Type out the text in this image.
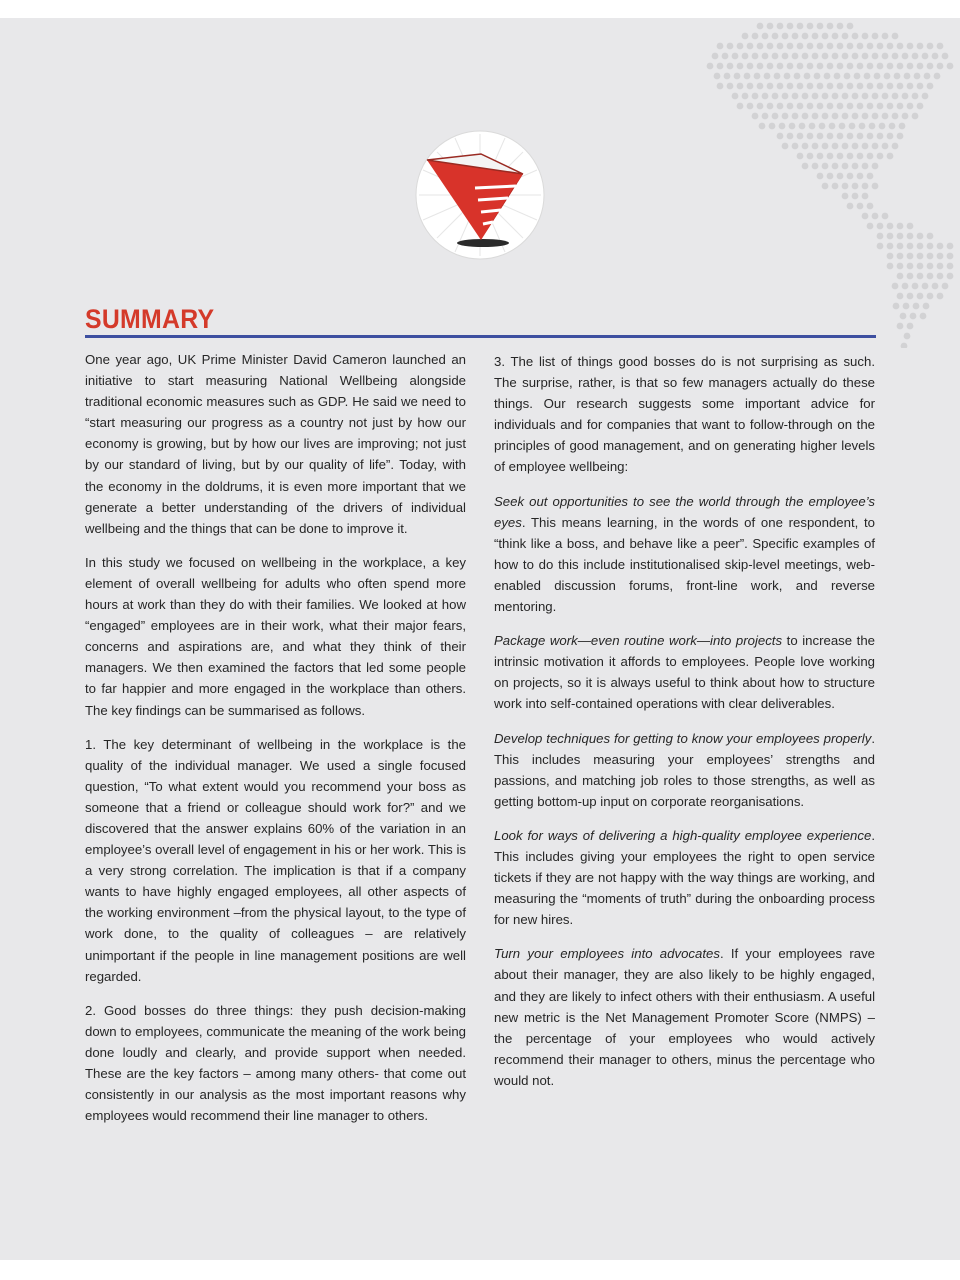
SUMMARY

One year ago, UK Prime Minister David Cameron launched an initiative to start measuring National Wellbeing alongside traditional economic measures such as GDP. He said we need to “start measuring our progress as a country not just by how our economy is growing, but by how our lives are improving; not just by our standard of living, but by our quality of life”. Today, with the economy in the doldrums, it is even more important that we generate a better understanding of the drivers of individual wellbeing and the things that can be done to improve it.

In this study we focused on wellbeing in the workplace, a key element of overall wellbeing for adults who often spend more hours at work than they do with their families. We looked at how “engaged” employees are in their work, what their major fears, concerns and aspirations are, and what they think of their managers. We then examined the factors that led some people to far happier and more engaged in the workplace than others. The key findings can be summarised as follows.

1. The key determinant of wellbeing in the workplace is the quality of the individual manager. We used a single focused question, “To what extent would you recommend your boss as someone that a friend or colleague should work for?” and we discovered that the answer explains 60% of the variation in an employee’s overall level of engagement in his or her work. This is a very strong correlation. The implication is that if a company wants to have highly engaged employees, all other aspects of the working environment –from the physical layout, to the type of work done, to the quality of colleagues – are relatively unimportant if the people in line management positions are well regarded.

2. Good bosses do three things: they push decision-making down to employees, communicate the meaning of the work being done loudly and clearly, and provide support when needed. These are the key factors – among many others- that come out consistently in our analysis as the most important reasons why employees would recommend their line manager to others.

3. The list of things good bosses do is not surprising as such. The surprise, rather, is that so few managers actually do these things. Our research suggests some important advice for individuals and for companies that want to follow-through on the principles of good management, and on generating higher levels of employee wellbeing:

Seek out opportunities to see the world through the employee’s eyes. This means learning, in the words of one respondent, to “think like a boss, and behave like a peer”. Specific examples of how to do this include institutionalised skip-level meetings, web-enabled discussion forums, front-line work, and reverse mentoring.

Package work—even routine work—into projects to increase the intrinsic motivation it affords to employees. People love working on projects, so it is always useful to think about how to structure work into self-contained operations with clear deliverables.

Develop techniques for getting to know your employees properly. This includes measuring your employees’ strengths and passions, and matching job roles to those strengths, as well as getting bottom-up input on corporate reorganisations.

Look for ways of delivering a high-quality employee experience. This includes giving your employees the right to open service tickets if they are not happy with the way things are working, and measuring the “moments of truth” during the onboarding process for new hires.

Turn your employees into advocates. If your employees rave about their manager, they are also likely to be highly engaged, and they are likely to infect others with their enthusiasm. A useful new metric is the Net Management Promoter Score (NMPS) – the percentage of your employees who would actively recommend their manager to others, minus the percentage who would not.
